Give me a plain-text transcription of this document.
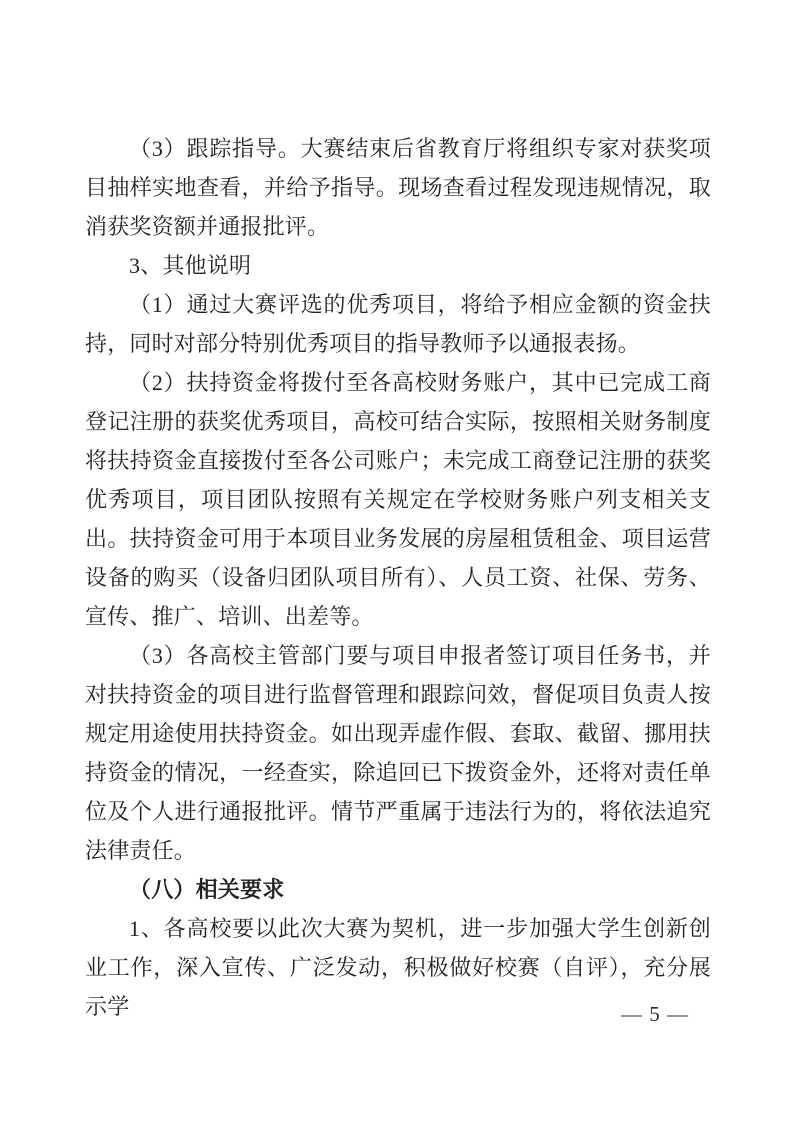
（3）跟踪指导。大赛结束后省教育厅将组织专家对获奖项目抽样实地查看，并给予指导。现场查看过程发现违规情况，取消获奖资额并通报批评。

3、其他说明

（1）通过大赛评选的优秀项目，将给予相应金额的资金扶持，同时对部分特别优秀项目的指导教师予以通报表扬。

（2）扶持资金将拨付至各高校财务账户，其中已完成工商登记注册的获奖优秀项目，高校可结合实际，按照相关财务制度将扶持资金直接拨付至各公司账户；未完成工商登记注册的获奖优秀项目，项目团队按照有关规定在学校财务账户列支相关支出。扶持资金可用于本项目业务发展的房屋租赁租金、项目运营设备的购买（设备归团队项目所有）、人员工资、社保、劳务、宣传、推广、培训、出差等。

（3）各高校主管部门要与项目申报者签订项目任务书，并对扶持资金的项目进行监督管理和跟踪问效，督促项目负责人按规定用途使用扶持资金。如出现弄虚作假、套取、截留、挪用扶持资金的情况，一经查实，除追回已下拨资金外，还将对责任单位及个人进行通报批评。情节严重属于违法行为的，将依法追究法律责任。

（八）相关要求

1、各高校要以此次大赛为契机，进一步加强大学生创新创业工作，深入宣传、广泛发动，积极做好校赛（自评），充分展示学	— 5 —
